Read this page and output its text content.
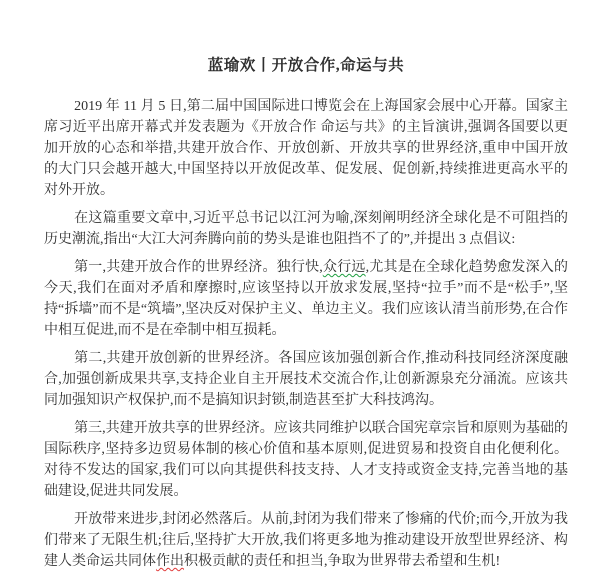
蓝瑜欢丨开放合作,命运与共

2019 年 11 月 5 日,第二届中国国际进口博览会在上海国家会展中心开幕。国家主席习近平出席开幕式并发表题为《开放合作 命运与共》的主旨演讲,强调各国要以更加开放的心态和举措,共建开放合作、开放创新、开放共享的世界经济,重申中国开放的大门只会越开越大,中国坚持以开放促改革、促发展、促创新,持续推进更高水平的对外开放。

在这篇重要文章中,习近平总书记以江河为喻,深刻阐明经济全球化是不可阻挡的历史潮流,指出“大江大河奔腾向前的势头是谁也阻挡不了的”,并提出 3 点倡议:

第一,共建开放合作的世界经济。独行快,众行远,尤其是在全球化趋势愈发深入的今天,我们在面对矛盾和摩擦时,应该坚持以开放求发展,坚持“拉手”而不是“松手”,坚持“拆墙”而不是“筑墙”,坚决反对保护主义、单边主义。我们应该认清当前形势,在合作中相互促进,而不是在牵制中相互损耗。

第二,共建开放创新的世界经济。各国应该加强创新合作,推动科技同经济深度融合,加强创新成果共享,支持企业自主开展技术交流合作,让创新源泉充分涌流。应该共同加强知识产权保护,而不是搞知识封锁,制造甚至扩大科技鸿沟。

第三,共建开放共享的世界经济。应该共同维护以联合国宪章宗旨和原则为基础的国际秩序,坚持多边贸易体制的核心价值和基本原则,促进贸易和投资自由化便利化。对待不发达的国家,我们可以向其提供科技支持、人才支持或资金支持,完善当地的基础建设,促进共同发展。

开放带来进步,封闭必然落后。从前,封闭为我们带来了惨痛的代价;而今,开放为我们带来了无限生机;往后,坚持扩大开放,我们将更多地为推动建设开放型世界经济、构建人类命运共同体作出积极贡献的责任和担当,争取为世界带去希望和生机!
